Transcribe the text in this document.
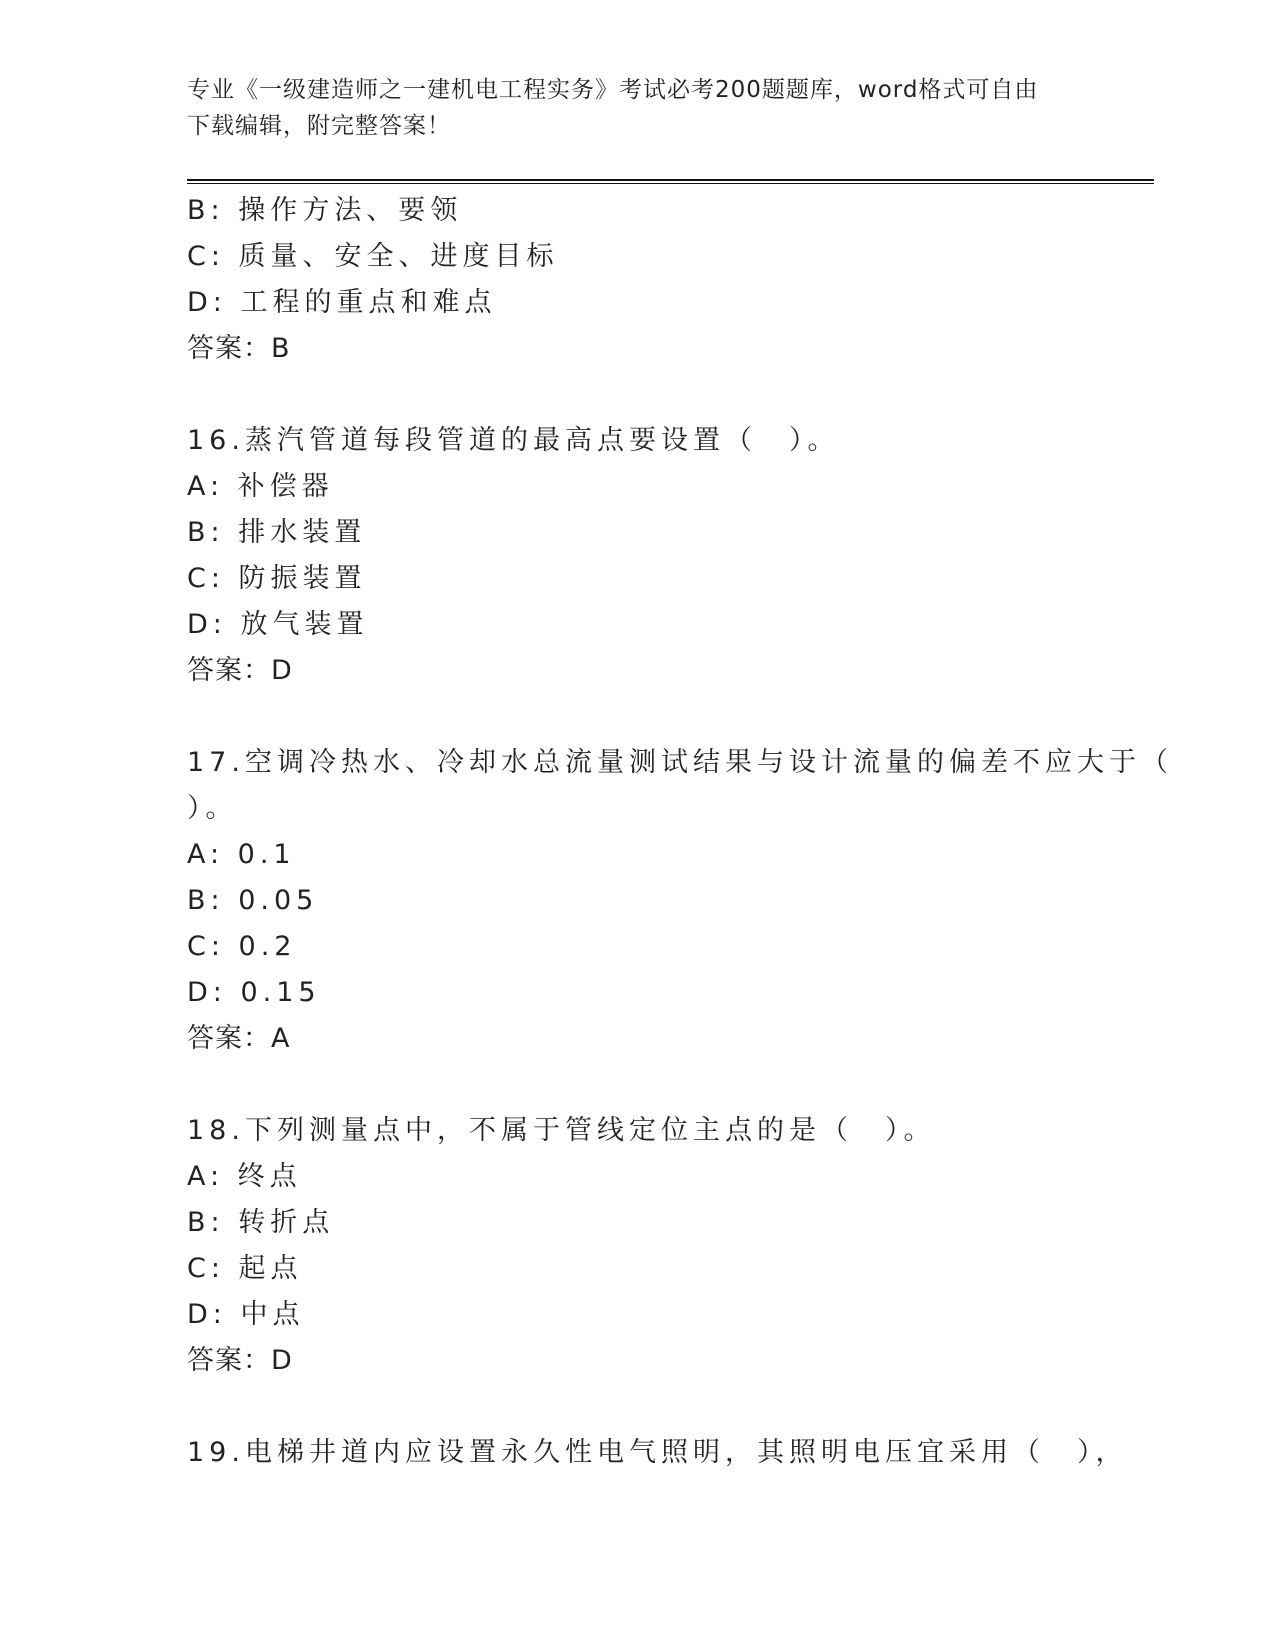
专业《一级建造师之一建机电工程实务》考试必考200题题库，word格式可自由
下载编辑，附完整答案！
B: 操作方法、要领
C: 质量、安全、进度目标
D: 工程的重点和难点
答案：B
16.蒸汽管道每段管道的最高点要设置（　）。
A: 补偿器
B: 排水装置
C: 防振装置
D: 放气装置
答案：D
17.空调冷热水、冷却水总流量测试结果与设计流量的偏差不应大于（
）。
A: 0.1
B: 0.05
C: 0.2
D: 0.15
答案：A
18.下列测量点中，不属于管线定位主点的是（　）。
A: 终点
B: 转折点
C: 起点
D: 中点
答案：D
19.电梯井道内应设置永久性电气照明，其照明电压宜采用（　），
